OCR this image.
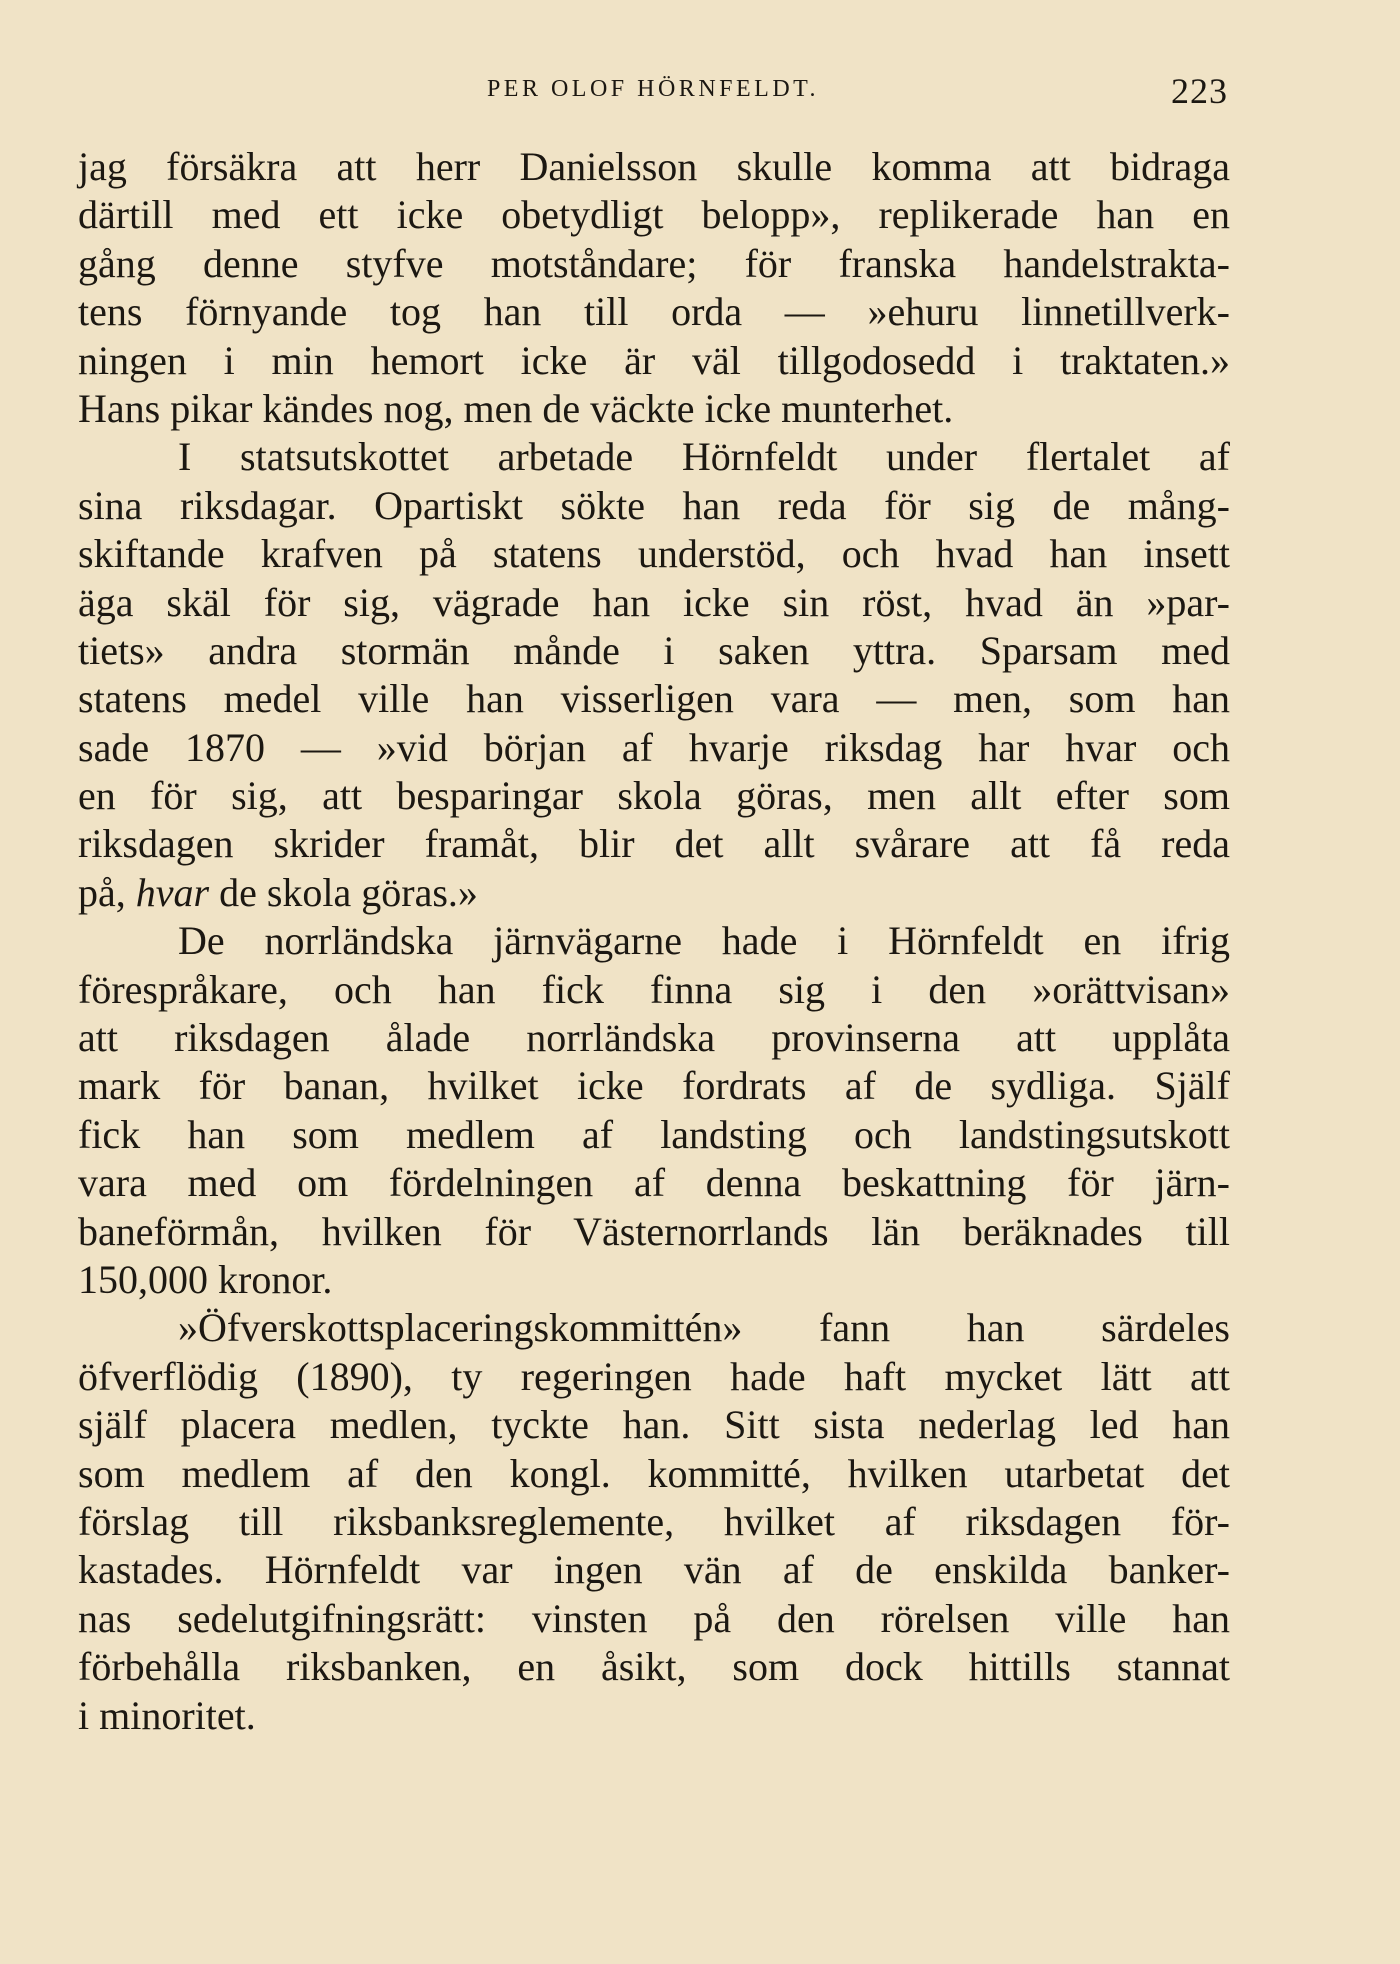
PER OLOF HÖRNFELDT.	223
jag försäkra att herr Danielsson skulle komma att bidraga
därtill med ett icke obetydligt belopp», replikerade han en
gång denne styfve motståndare; för franska handelstrakta-
tens förnyande tog han till orda — »ehuru linnetillverk-
ningen i min hemort icke är väl tillgodosedd i traktaten.»
Hans pikar kändes nog, men de väckte icke munterhet.
I statsutskottet arbetade Hörnfeldt under flertalet af
sina riksdagar. Opartiskt sökte han reda för sig de mång-
skiftande krafven på statens understöd, och hvad han insett
äga skäl för sig, vägrade han icke sin röst, hvad än »par-
tiets» andra stormän månde i saken yttra. Sparsam med
statens medel ville han visserligen vara — men, som han
sade 1870 — »vid början af hvarje riksdag har hvar och
en för sig, att besparingar skola göras, men allt efter som
riksdagen skrider framåt, blir det allt svårare att få reda
på, hvar de skola göras.»
De norrländska järnvägarne hade i Hörnfeldt en ifrig
förespråkare, och han fick finna sig i den »orättvisan»
att riksdagen ålade norrländska provinserna att upplåta
mark för banan, hvilket icke fordrats af de sydliga. Själf
fick han som medlem af landsting och landstingsutskott
vara med om fördelningen af denna beskattning för järn-
baneförmån, hvilken för Västernorrlands län beräknades till
150,000 kronor.
»Öfverskottsplaceringskommittén» fann han särdeles
öfverflödig (1890), ty regeringen hade haft mycket lätt att
själf placera medlen, tyckte han. Sitt sista nederlag led han
som medlem af den kongl. kommitté, hvilken utarbetat det
förslag till riksbanksreglemente, hvilket af riksdagen för-
kastades. Hörnfeldt var ingen vän af de enskilda banker-
nas sedelutgifningsrätt: vinsten på den rörelsen ville han
förbehålla riksbanken, en åsikt, som dock hittills stannat
i minoritet.
